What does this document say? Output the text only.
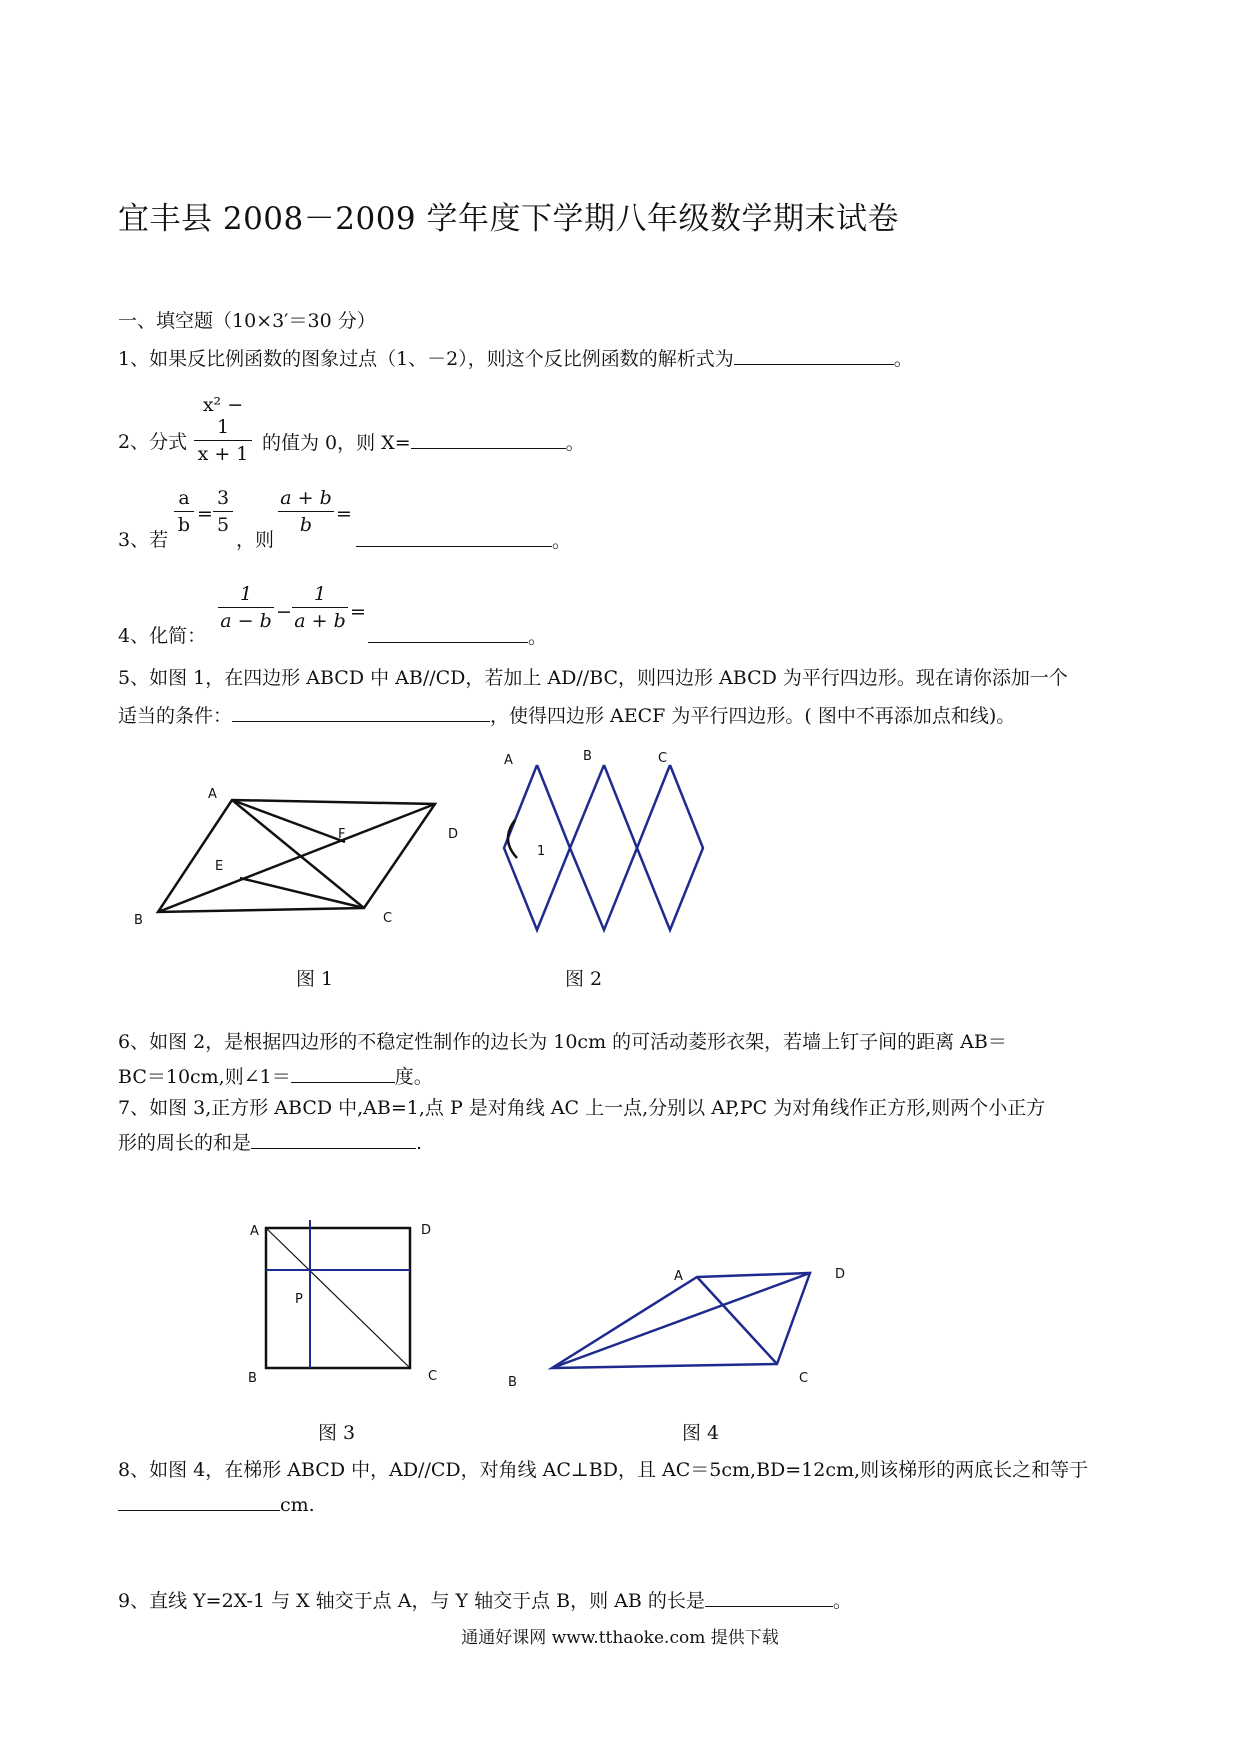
宜丰县 2008－2009 学年度下学期八年级数学期末试卷
一、填空题（10×3′＝30 分）
1、如果反比例函数的图象过点（1、－2），则这个反比例函数的解析式为	。
2、分式
x² − 1
x + 1 的值为 0，则 X=	。
3、若
a
b =
3
5
，则
a + b
b	=
。
4、化简：
1
a − b −
1
a + b =
。
5、如图 1，在四边形 ABCD 中 AB//CD，若加上 AD//BC，则四边形 ABCD 为平行四边形。现在请你添加一个
适当的条件：	，使得四边形 AECF 为平行四边形。( 图中不再添加点和线)。
A
B	C
D
E
F
A	B	C
1
图 1	图 2
6、如图 2，是根据四边形的不稳定性制作的边长为 10cm 的可活动菱形衣架，若墙上钉子间的距离 AB＝
BC＝10cm,则∠1＝	度。
7、如图 3,正方形 ABCD 中,AB=1,点 P 是对角线 AC 上一点,分别以 AP,PC 为对角线作正方形,则两个小正方
形的周长的和是	.
A	D
P
B	C
A	D
B	C
图 3	图 4
8、如图 4，在梯形 ABCD 中，AD//CD，对角线 AC⊥BD，且 AC＝5cm,BD=12cm,则该梯形的两底长之和等于
cm.
9、直线 Y=2X-1 与 X 轴交于点 A，与 Y 轴交于点 B，则 AB 的长是	。
通通好课网 www.tthaoke.com 提供下载
